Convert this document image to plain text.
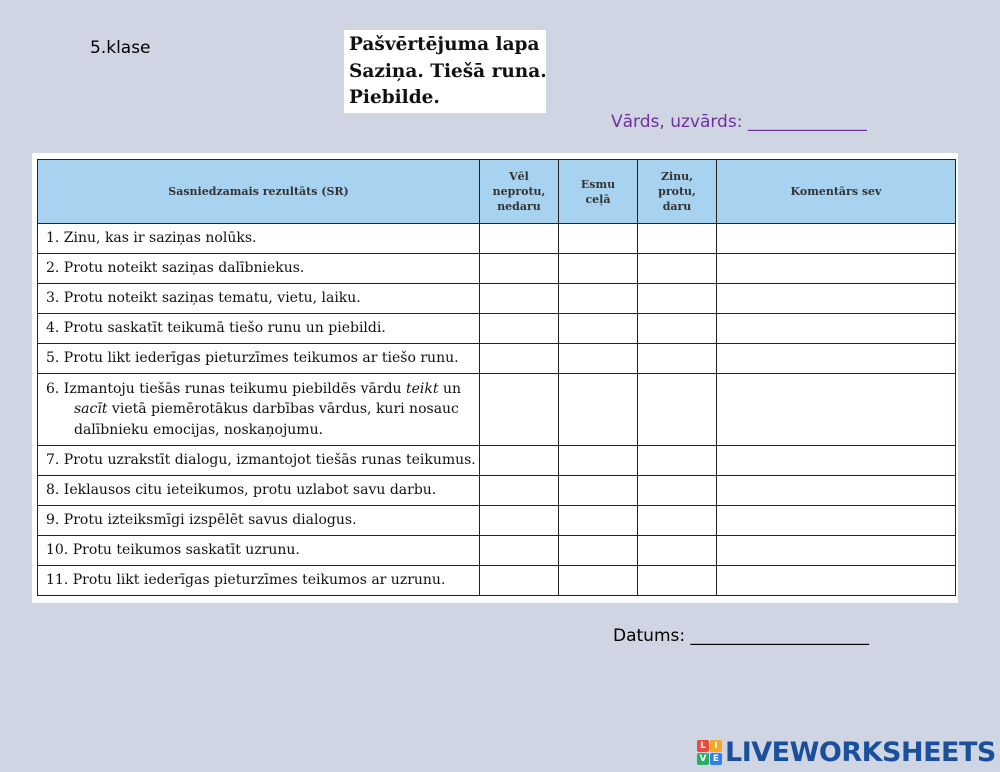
5.klase	Pašvērtējuma lapa
Saziņa. Tiešā runa.
Piebilde.
Vārds, uzvārds: ______________
Sasniedzamais rezultāts (SR)	Vēl
neprotu,
nedaru	Esmu
ceļā	Zinu,
protu,
daru	Komentārs sev
1. Zinu, kas ir saziņas nolūks.				
2. Protu noteikt saziņas dalībniekus.				
3. Protu noteikt saziņas tematu, vietu, laiku.				
4. Protu saskatīt teikumā tiešo runu un piebildi.				
5. Protu likt iederīgas pieturzīmes teikumos ar tiešo runu.				

6. Izmantoju tiešās runas teikumu piebildēs vārdu teikt un
sacīt vietā piemērotākus darbības vārdus, kuri nosauc
dalībnieku emocijas, noskaņojumu.				

7. Protu uzrakstīt dialogu, izmantojot tiešās runas teikumus.				
8. Ieklausos citu ieteikumos, protu uzlabot savu darbu.				
9. Protu izteiksmīgi izspēlēt savus dialogus.				
10. Protu teikumos saskatīt uzrunu.				
11. Protu likt iederīgas pieturzīmes teikumos ar uzrunu.				
Datums: _____________________
L I
V E LIVEWORKSHEETS
